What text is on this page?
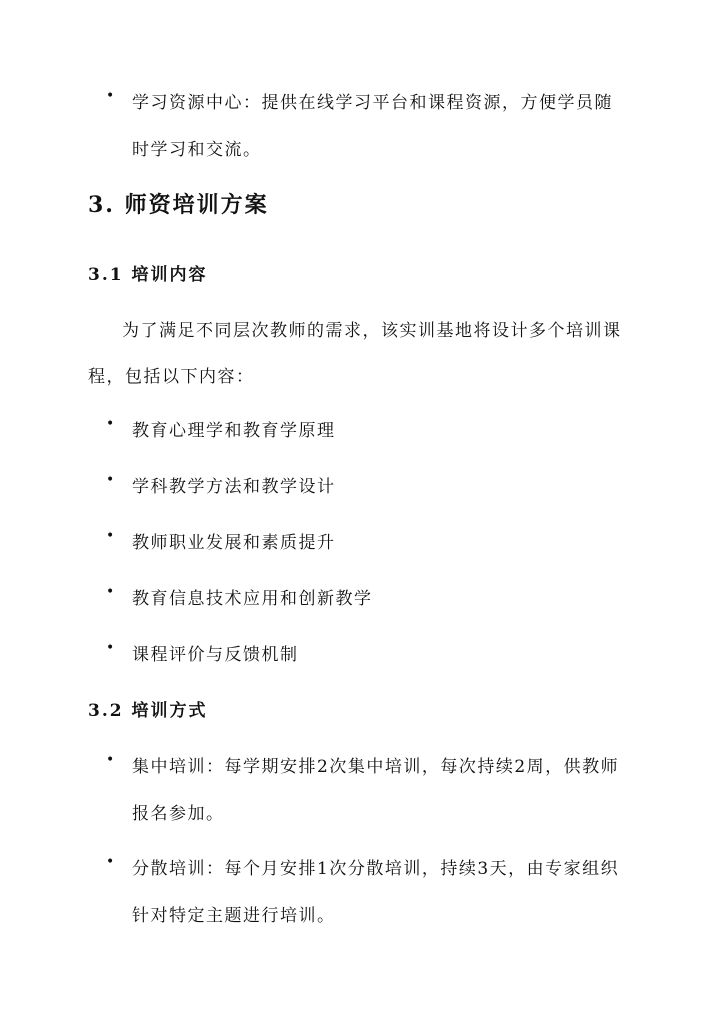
• 学习资源中心：提供在线学习平台和课程资源，方便学员随
时学习和交流。
3. 师资培训方案
3.1 培训内容
为了满足不同层次教师的需求，该实训基地将设计多个培训课
程，包括以下内容：
• 教育心理学和教育学原理
• 学科教学方法和教学设计
• 教师职业发展和素质提升
• 教育信息技术应用和创新教学
• 课程评价与反馈机制
3.2 培训方式
• 集中培训：每学期安排2次集中培训，每次持续2周，供教师
报名参加。
• 分散培训：每个月安排1次分散培训，持续3天，由专家组织
针对特定主题进行培训。
